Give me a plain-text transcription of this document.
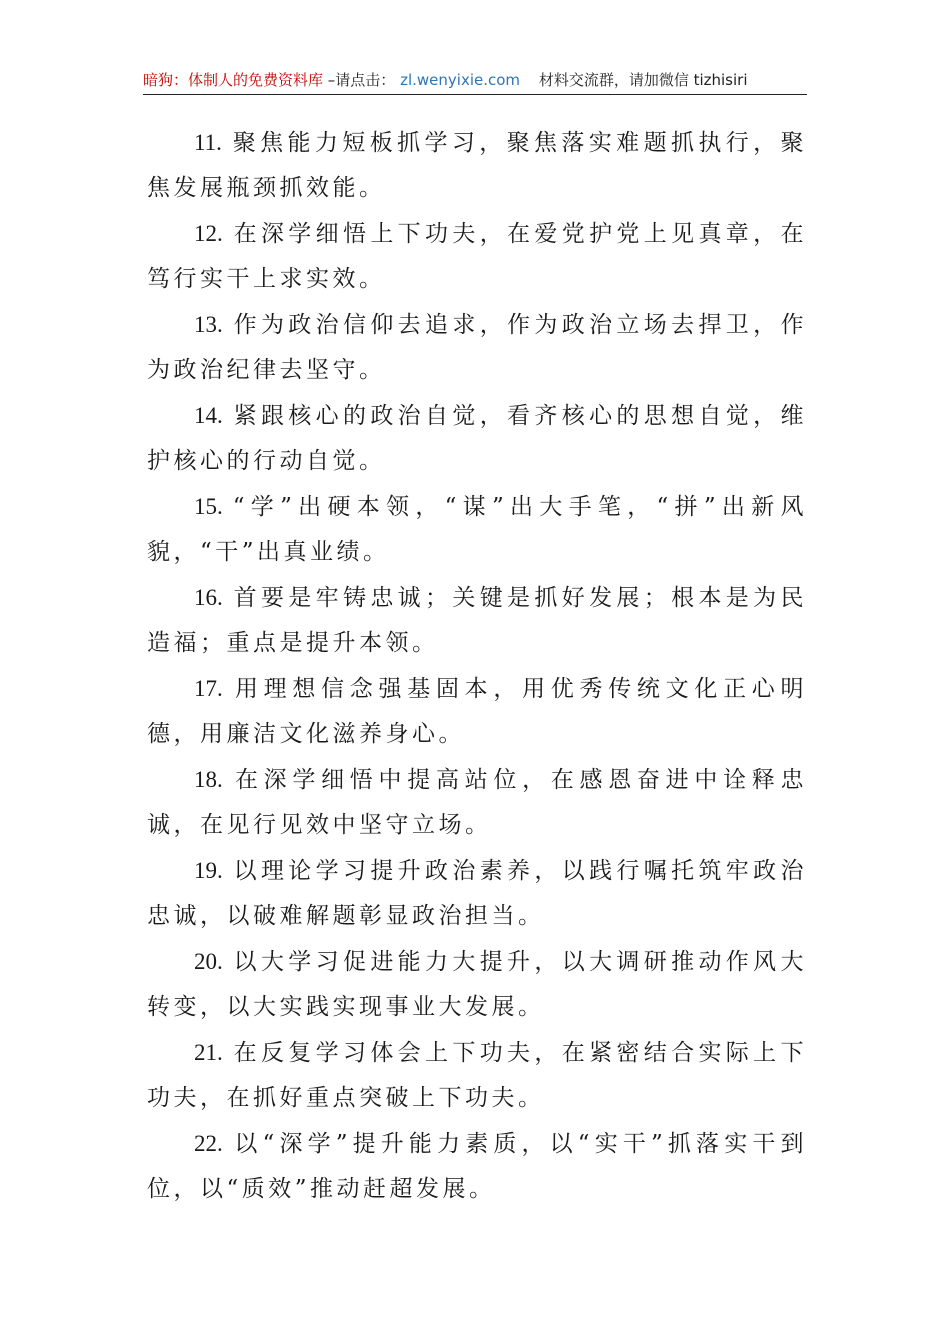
暗狗：体制人的免费资料库 –请点击： zl.wenyixie.com 材料交流群，请加微信 tizhisiri

11. 聚焦能力短板抓学习，聚焦落实难题抓执行，聚焦发展瓶颈抓效能。

12. 在深学细悟上下功夫，在爱党护党上见真章，在笃行实干上求实效。

13. 作为政治信仰去追求，作为政治立场去捍卫，作为政治纪律去坚守。

14. 紧跟核心的政治自觉，看齐核心的思想自觉，维护核心的行动自觉。

15. “学”出硬本领，“谋”出大手笔，“拼”出新风貌，“干”出真业绩。

16. 首要是牢铸忠诚；关键是抓好发展；根本是为民造福；重点是提升本领。

17. 用理想信念强基固本，用优秀传统文化正心明德，用廉洁文化滋养身心。

18. 在深学细悟中提高站位，在感恩奋进中诠释忠诚，在见行见效中坚守立场。

19. 以理论学习提升政治素养，以践行嘱托筑牢政治忠诚，以破难解题彰显政治担当。

20. 以大学习促进能力大提升，以大调研推动作风大转变，以大实践实现事业大发展。

21. 在反复学习体会上下功夫，在紧密结合实际上下功夫，在抓好重点突破上下功夫。

22. 以“深学”提升能力素质，以“实干”抓落实干到位，以“质效”推动赶超发展。
